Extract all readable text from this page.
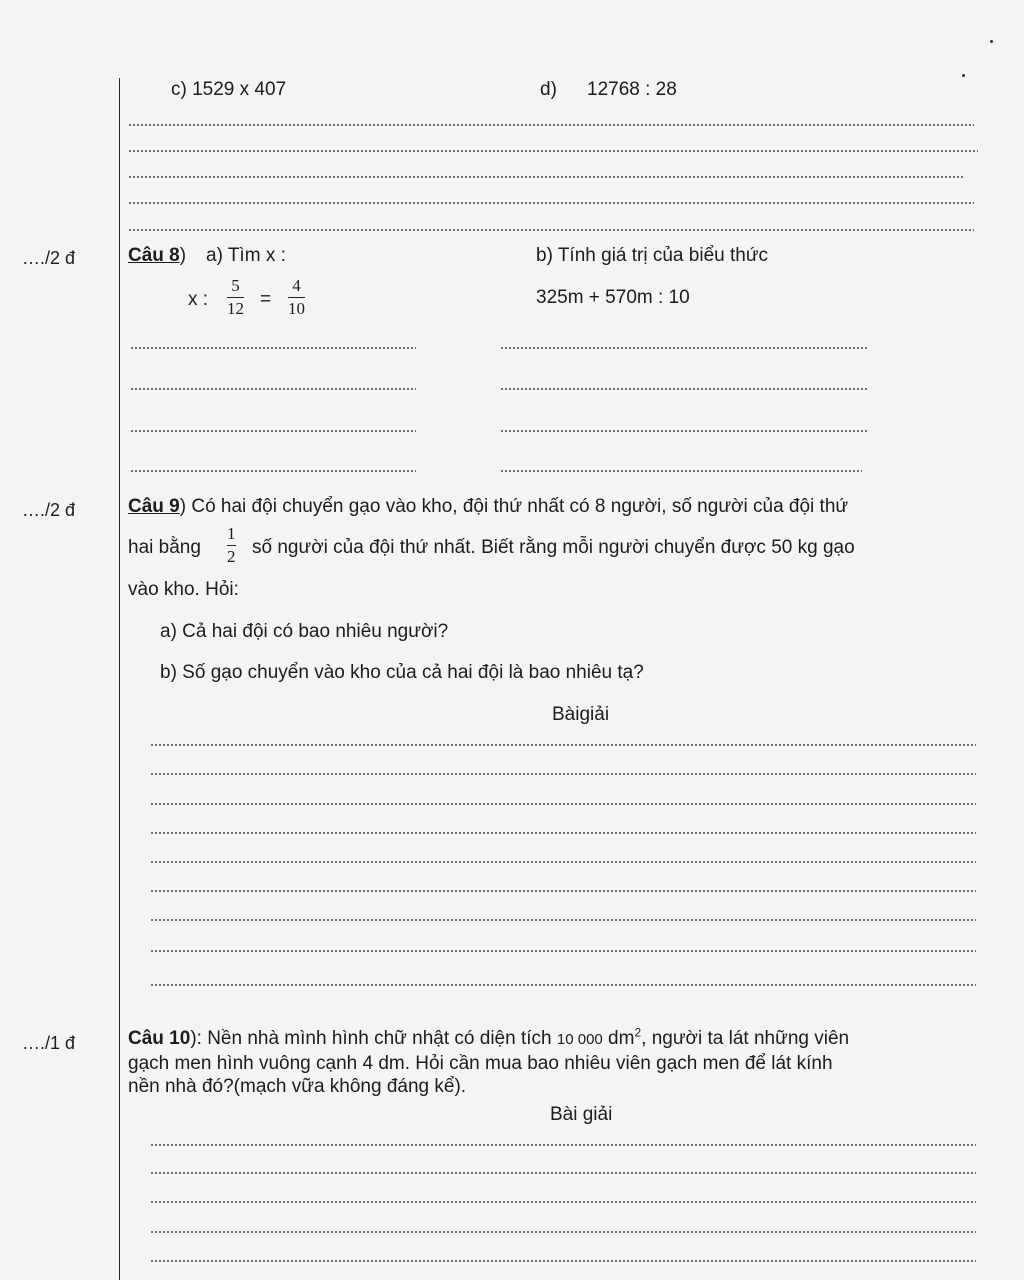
c) 1529 x 407	d) 12768 : 28
…./2 đ	Câu 8) a) Tìm x :	b) Tính giá trị của biểu thức
x :
5
12 =
4
10
325m + 570m : 10
…./2 đ	Câu 9) Có hai đội chuyển gạo vào kho, đội thứ nhất có 8 người, số người của đội thứ
hai bằng
1
2 số người của đội thứ nhất. Biết rằng mỗi người chuyển được 50 kg gạo
vào kho. Hỏi:
a) Cả hai đội có bao nhiêu người?
b) Số gạo chuyển vào kho của cả hai đội là bao nhiêu tạ?
Bàigiải
…./1 đ	Câu 10): Nền nhà mình hình chữ nhật có diện tích 10 000 $dm^2$, người ta lát những viên
gạch men hình vuông cạnh 4 dm. Hỏi cần mua bao nhiêu viên gạch men để lát kính
nền nhà đó?(mạch vữa không đáng kể).
Bài giải
